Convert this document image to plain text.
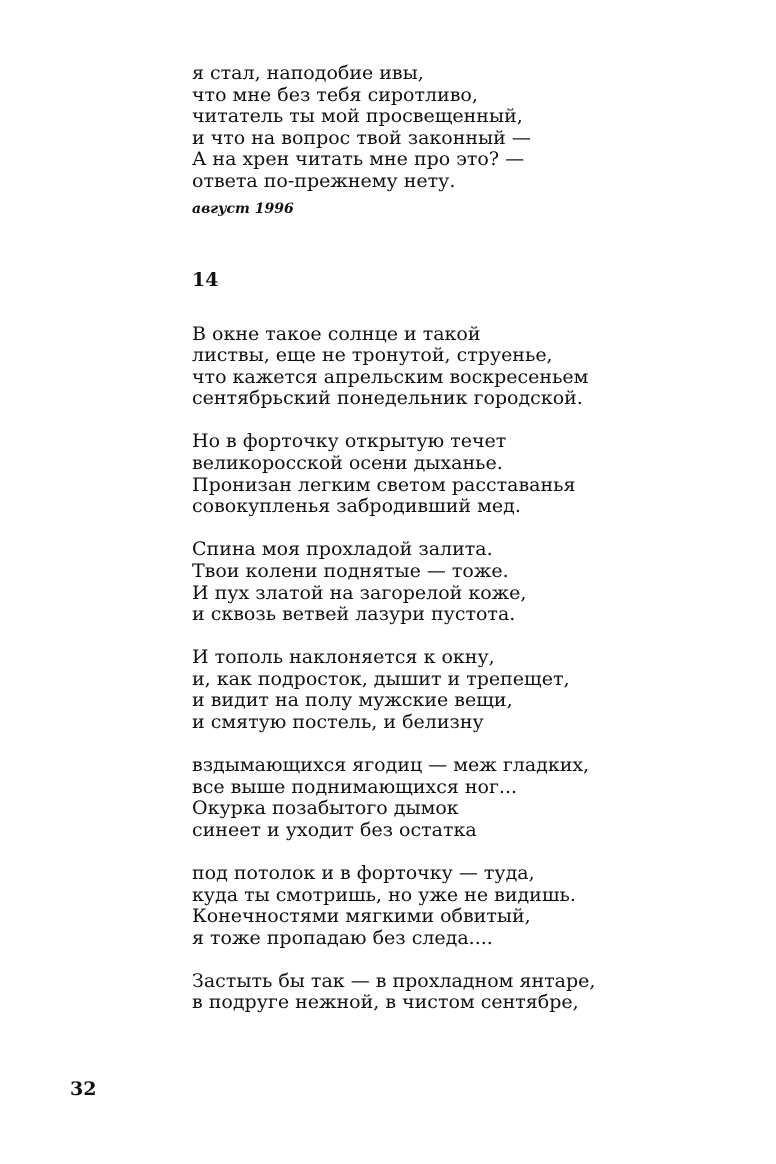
я стал, наподобие ивы,
что мне без тебя сиротливо,
читатель ты мой просвещенный,
и что на вопрос твой законный —
А на хрен читать мне про это? —
ответа по-прежнему нету.
август 1996
14
В окне такое солнце и такой
листвы, еще не тронутой, струенье,
что кажется апрельским воскресеньем
сентябрьский понедельник городской.
Но в форточку открытую течет
великоросской осени дыханье.
Пронизан легким светом расставанья
совокупленья забродивший мед.
Спина моя прохладой залита.
Твои колени поднятые — тоже.
И пух златой на загорелой коже,
и сквозь ветвей лазури пустота.
И тополь наклоняется к окну,
и, как подросток, дышит и трепещет,
и видит на полу мужские вещи,
и смятую постель, и белизну
вздымающихся ягодиц — меж гладких,
все выше поднимающихся ног...
Окурка позабытого дымок
синеет и уходит без остатка
под потолок и в форточку — туда,
куда ты смотришь, но уже не видишь.
Конечностями мягкими обвитый,
я тоже пропадаю без следа....
Застыть бы так — в прохладном янтаре,
в подруге нежной, в чистом сентябре,
32
